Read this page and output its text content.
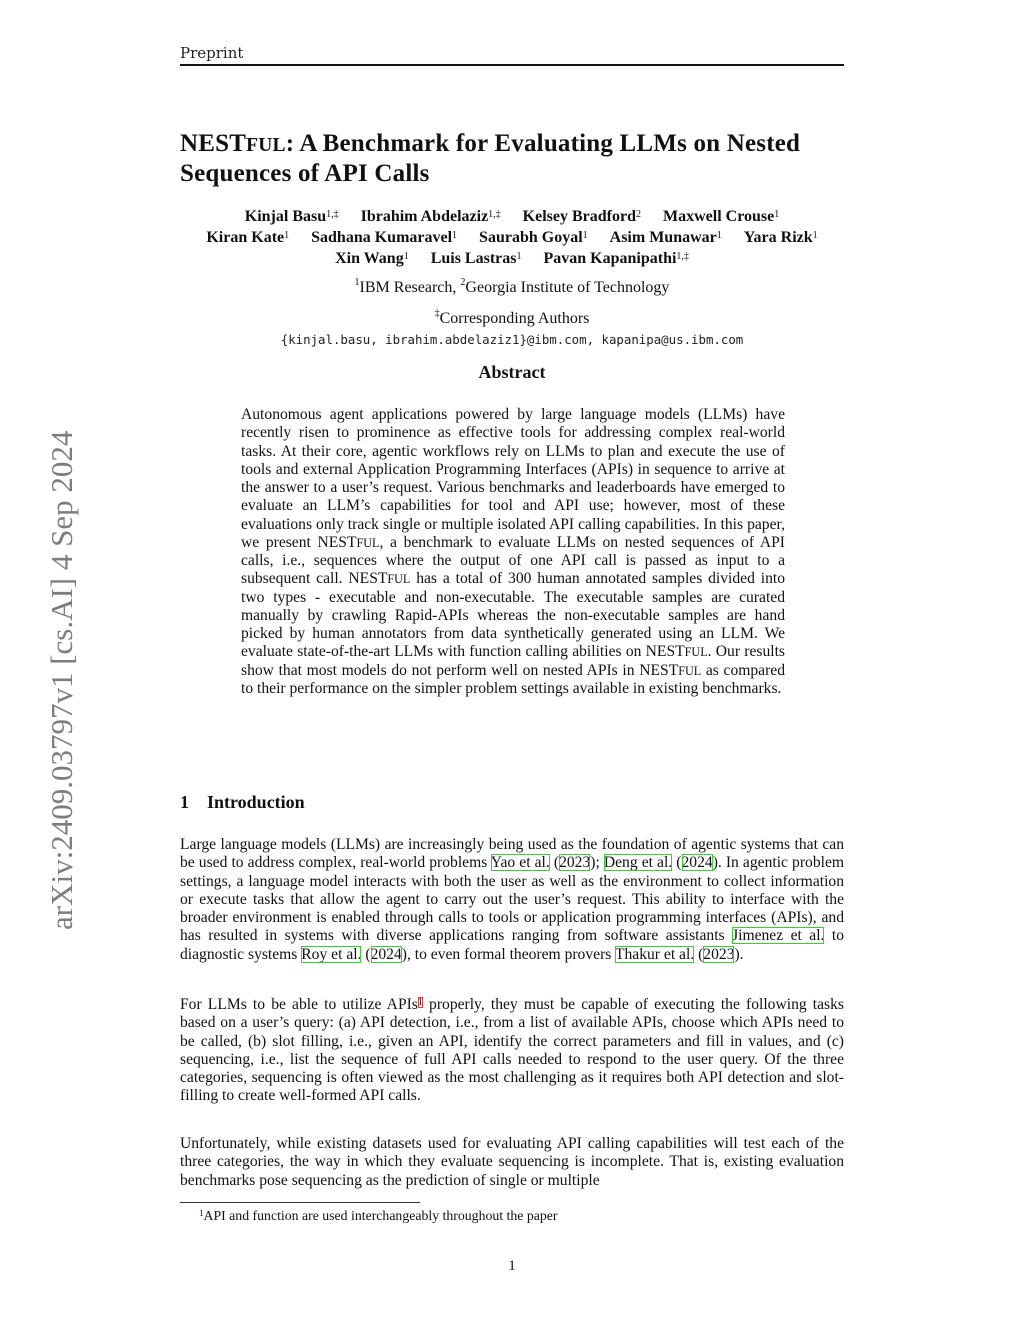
Preprint
arXiv:2409.03797v1 [cs.AI] 4 Sep 2024
NESTFUL: A Benchmark for Evaluating LLMs on Nested Sequences of API Calls
Kinjal Basu$^{1,\ddagger}$ Ibrahim Abdelaziz$^{1,\ddagger}$ Kelsey Bradford$^2$ Maxwell Crouse$^1$
Kiran Kate$^1$ Sadhana Kumaravel$^1$ Saurabh Goyal$^1$ Asim Munawar$^1$ Yara Rizk$^1$
Xin Wang$^1$ Luis Lastras$^1$ Pavan Kapanipathi$^{1,\ddagger}$
$^1$IBM Research, $^2$Georgia Institute of Technology
‡Corresponding Authors
{kinjal.basu, ibrahim.abdelaziz1}@ibm.com, kapanipa@us.ibm.com
Abstract

Autonomous agent applications powered by large language models (LLMs) have recently risen to prominence as effective tools for addressing complex real-world tasks. At their core, agentic workflows rely on LLMs to plan and execute the use of tools and external Application Programming Interfaces (APIs) in sequence to arrive at the answer to a user’s request. Various benchmarks and leaderboards have emerged to evaluate an LLM’s capabilities for tool and API use; however, most of these evaluations only track single or multiple isolated API calling capabilities. In this paper, we present NESTFUL, a benchmark to evaluate LLMs on nested sequences of API calls, i.e., sequences where the output of one API call is passed as input to a subsequent call. NESTFUL has a total of 300 human annotated samples divided into two types - executable and non-executable. The executable samples are curated manually by crawling Rapid-APIs whereas the non-executable samples are hand picked by human annotators from data synthetically generated using an LLM. We evaluate state-of-the-art LLMs with function calling abilities on NESTFUL. Our results show that most models do not perform well on nested APIs in NESTFUL as compared to their performance on the simpler problem settings available in existing benchmarks.

1 Introduction

Large language models (LLMs) are increasingly being used as the foundation of agentic systems that can be used to address complex, real-world problems Yao et al. (2023); Deng et al. (2024). In agentic problem settings, a language model interacts with both the user as well as the environment to collect information or execute tasks that allow the agent to carry out the user’s request. This ability to interface with the broader environment is enabled through calls to tools or application programming interfaces (APIs), and has resulted in systems with diverse applications ranging from software assistants Jimenez et al. to diagnostic systems Roy et al. (2024), to even formal theorem provers Thakur et al. (2023).

For LLMs to be able to utilize APIs$^1$ properly, they must be capable of executing the following tasks based on a user’s query: (a) API detection, i.e., from a list of available APIs, choose which APIs need to be called, (b) slot filling, i.e., given an API, identify the correct parameters and fill in values, and (c) sequencing, i.e., list the sequence of full API calls needed to respond to the user query. Of the three categories, sequencing is often viewed as the most challenging as it requires both API detection and slot-filling to create well-formed API calls.

Unfortunately, while existing datasets used for evaluating API calling capabilities will test each of the three categories, the way in which they evaluate sequencing is incomplete. That is, existing evaluation benchmarks pose sequencing as the prediction of single or multiple

$^1$API and function are used interchangeably throughout the paper

1
